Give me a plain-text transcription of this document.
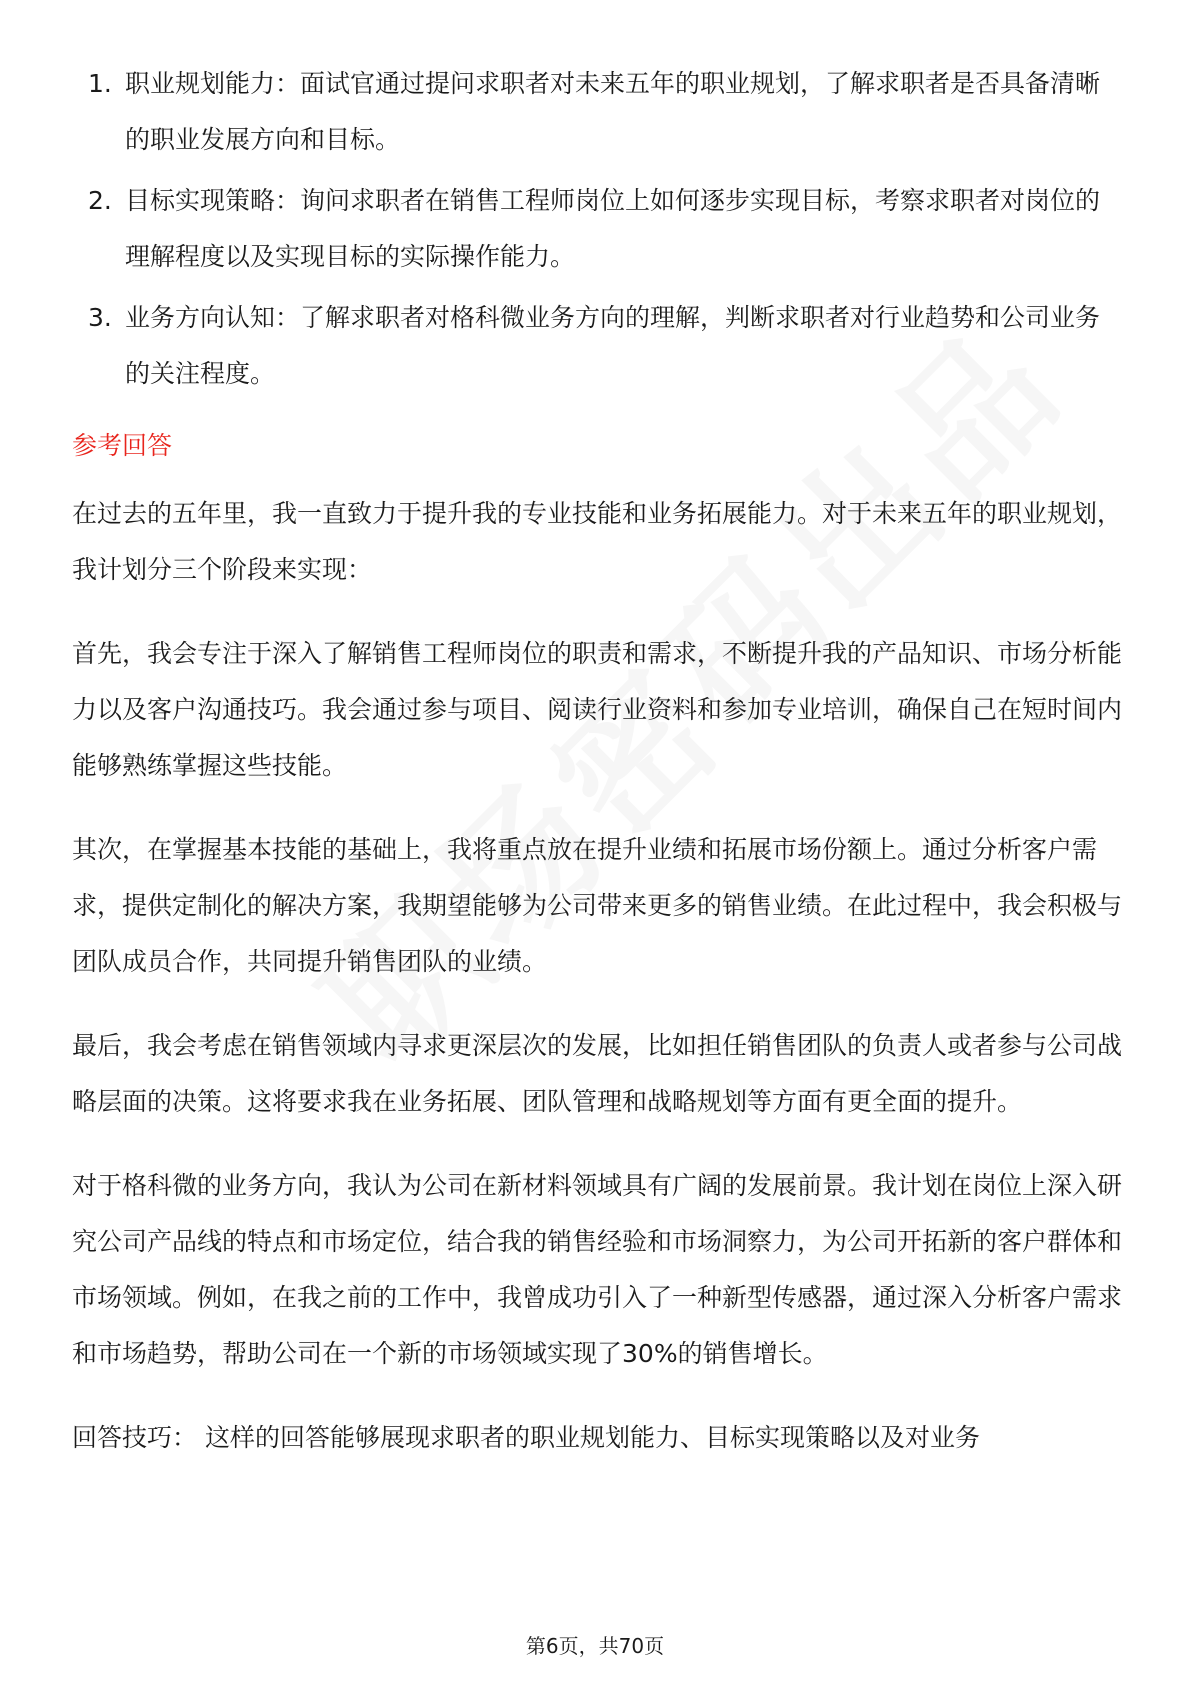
1. 职业规划能力：面试官通过提问求职者对未来五年的职业规划，了解求职者是否具备清晰的职业发展方向和目标。
2. 目标实现策略：询问求职者在销售工程师岗位上如何逐步实现目标，考察求职者对岗位的理解程度以及实现目标的实际操作能力。
3. 业务方向认知：了解求职者对格科微业务方向的理解，判断求职者对行业趋势和公司业务的关注程度。
参考回答

在过去的五年里，我一直致力于提升我的专业技能和业务拓展能力。对于未来五年的职业规划，我计划分三个阶段来实现：

首先，我会专注于深入了解销售工程师岗位的职责和需求，不断提升我的产品知识、市场分析能力以及客户沟通技巧。我会通过参与项目、阅读行业资料和参加专业培训，确保自己在短时间内能够熟练掌握这些技能。

其次，在掌握基本技能的基础上，我将重点放在提升业绩和拓展市场份额上。通过分析客户需求，提供定制化的解决方案，我期望能够为公司带来更多的销售业绩。在此过程中，我会积极与团队成员合作，共同提升销售团队的业绩。

最后，我会考虑在销售领域内寻求更深层次的发展，比如担任销售团队的负责人或者参与公司战略层面的决策。这将要求我在业务拓展、团队管理和战略规划等方面有更全面的提升。

对于格科微的业务方向，我认为公司在新材料领域具有广阔的发展前景。我计划在岗位上深入研究公司产品线的特点和市场定位，结合我的销售经验和市场洞察力，为公司开拓新的客户群体和市场领域。例如，在我之前的工作中，我曾成功引入了一种新型传感器，通过深入分析客户需求和市场趋势，帮助公司在一个新的市场领域实现了30%的销售增长。

回答技巧： 这样的回答能够展现求职者的职业规划能力、目标实现策略以及对业务

第6页，共70页
